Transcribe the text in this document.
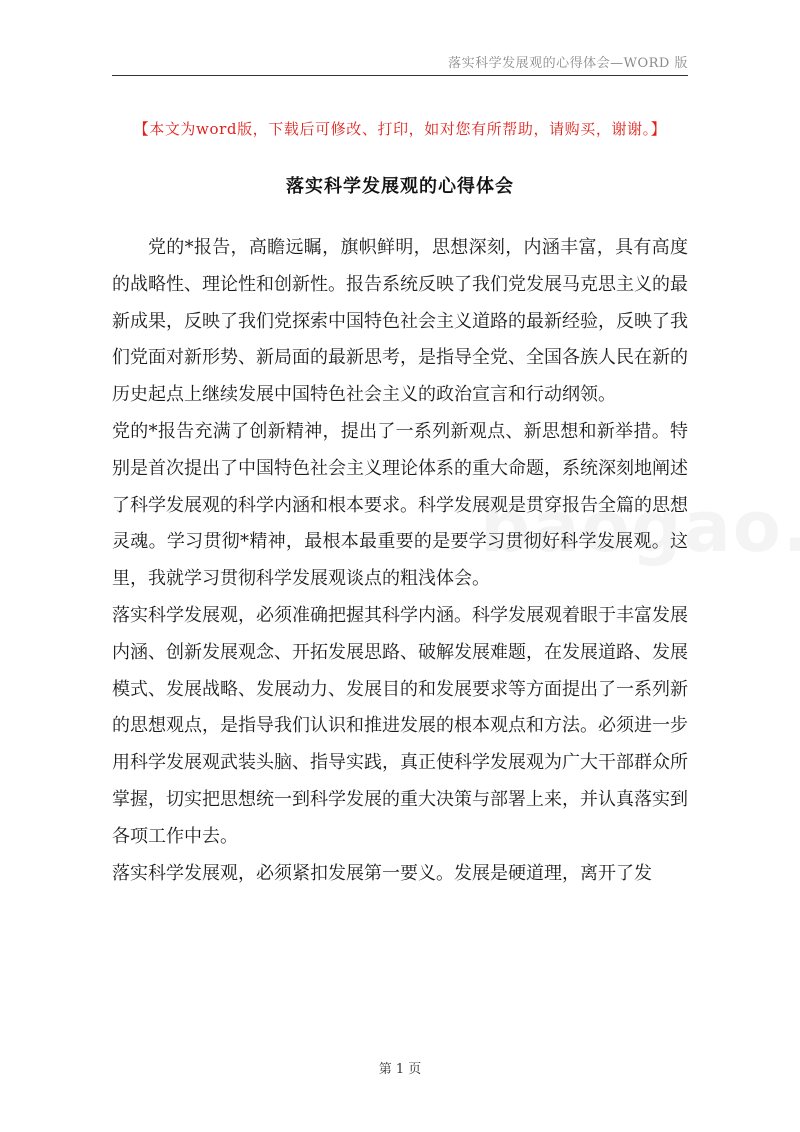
落实科学发展观的心得体会—WORD 版
【本文为word版，下载后可修改、打印，如对您有所帮助，请购买，谢谢。】
落实科学发展观的心得体会

党的*报告，高瞻远瞩，旗帜鲜明，思想深刻，内涵丰富，具有高度的战略性、理论性和创新性。报告系统反映了我们党发展马克思主义的最新成果，反映了我们党探索中国特色社会主义道路的最新经验，反映了我们党面对新形势、新局面的最新思考，是指导全党、全国各族人民在新的历史起点上继续发展中国特色社会主义的政治宣言和行动纲领。

党的*报告充满了创新精神，提出了一系列新观点、新思想和新举措。特别是首次提出了中国特色社会主义理论体系的重大命题，系统深刻地阐述了科学发展观的科学内涵和根本要求。科学发展观是贯穿报告全篇的思想灵魂。学习贯彻*精神，最根本最重要的是要学习贯彻好科学发展观。这里，我就学习贯彻科学发展观谈点的粗浅体会。

落实科学发展观，必须准确把握其科学内涵。科学发展观着眼于丰富发展内涵、创新发展观念、开拓发展思路、破解发展难题，在发展道路、发展模式、发展战略、发展动力、发展目的和发展要求等方面提出了一系列新的思想观点，是指导我们认识和推进发展的根本观点和方法。必须进一步用科学发展观武装头脑、指导实践，真正使科学发展观为广大干部群众所掌握，切实把思想统一到科学发展的重大决策与部署上来，并认真落实到各项工作中去。

落实科学发展观，必须紧扣发展第一要义。发展是硬道理，离开了发

第 1 页
